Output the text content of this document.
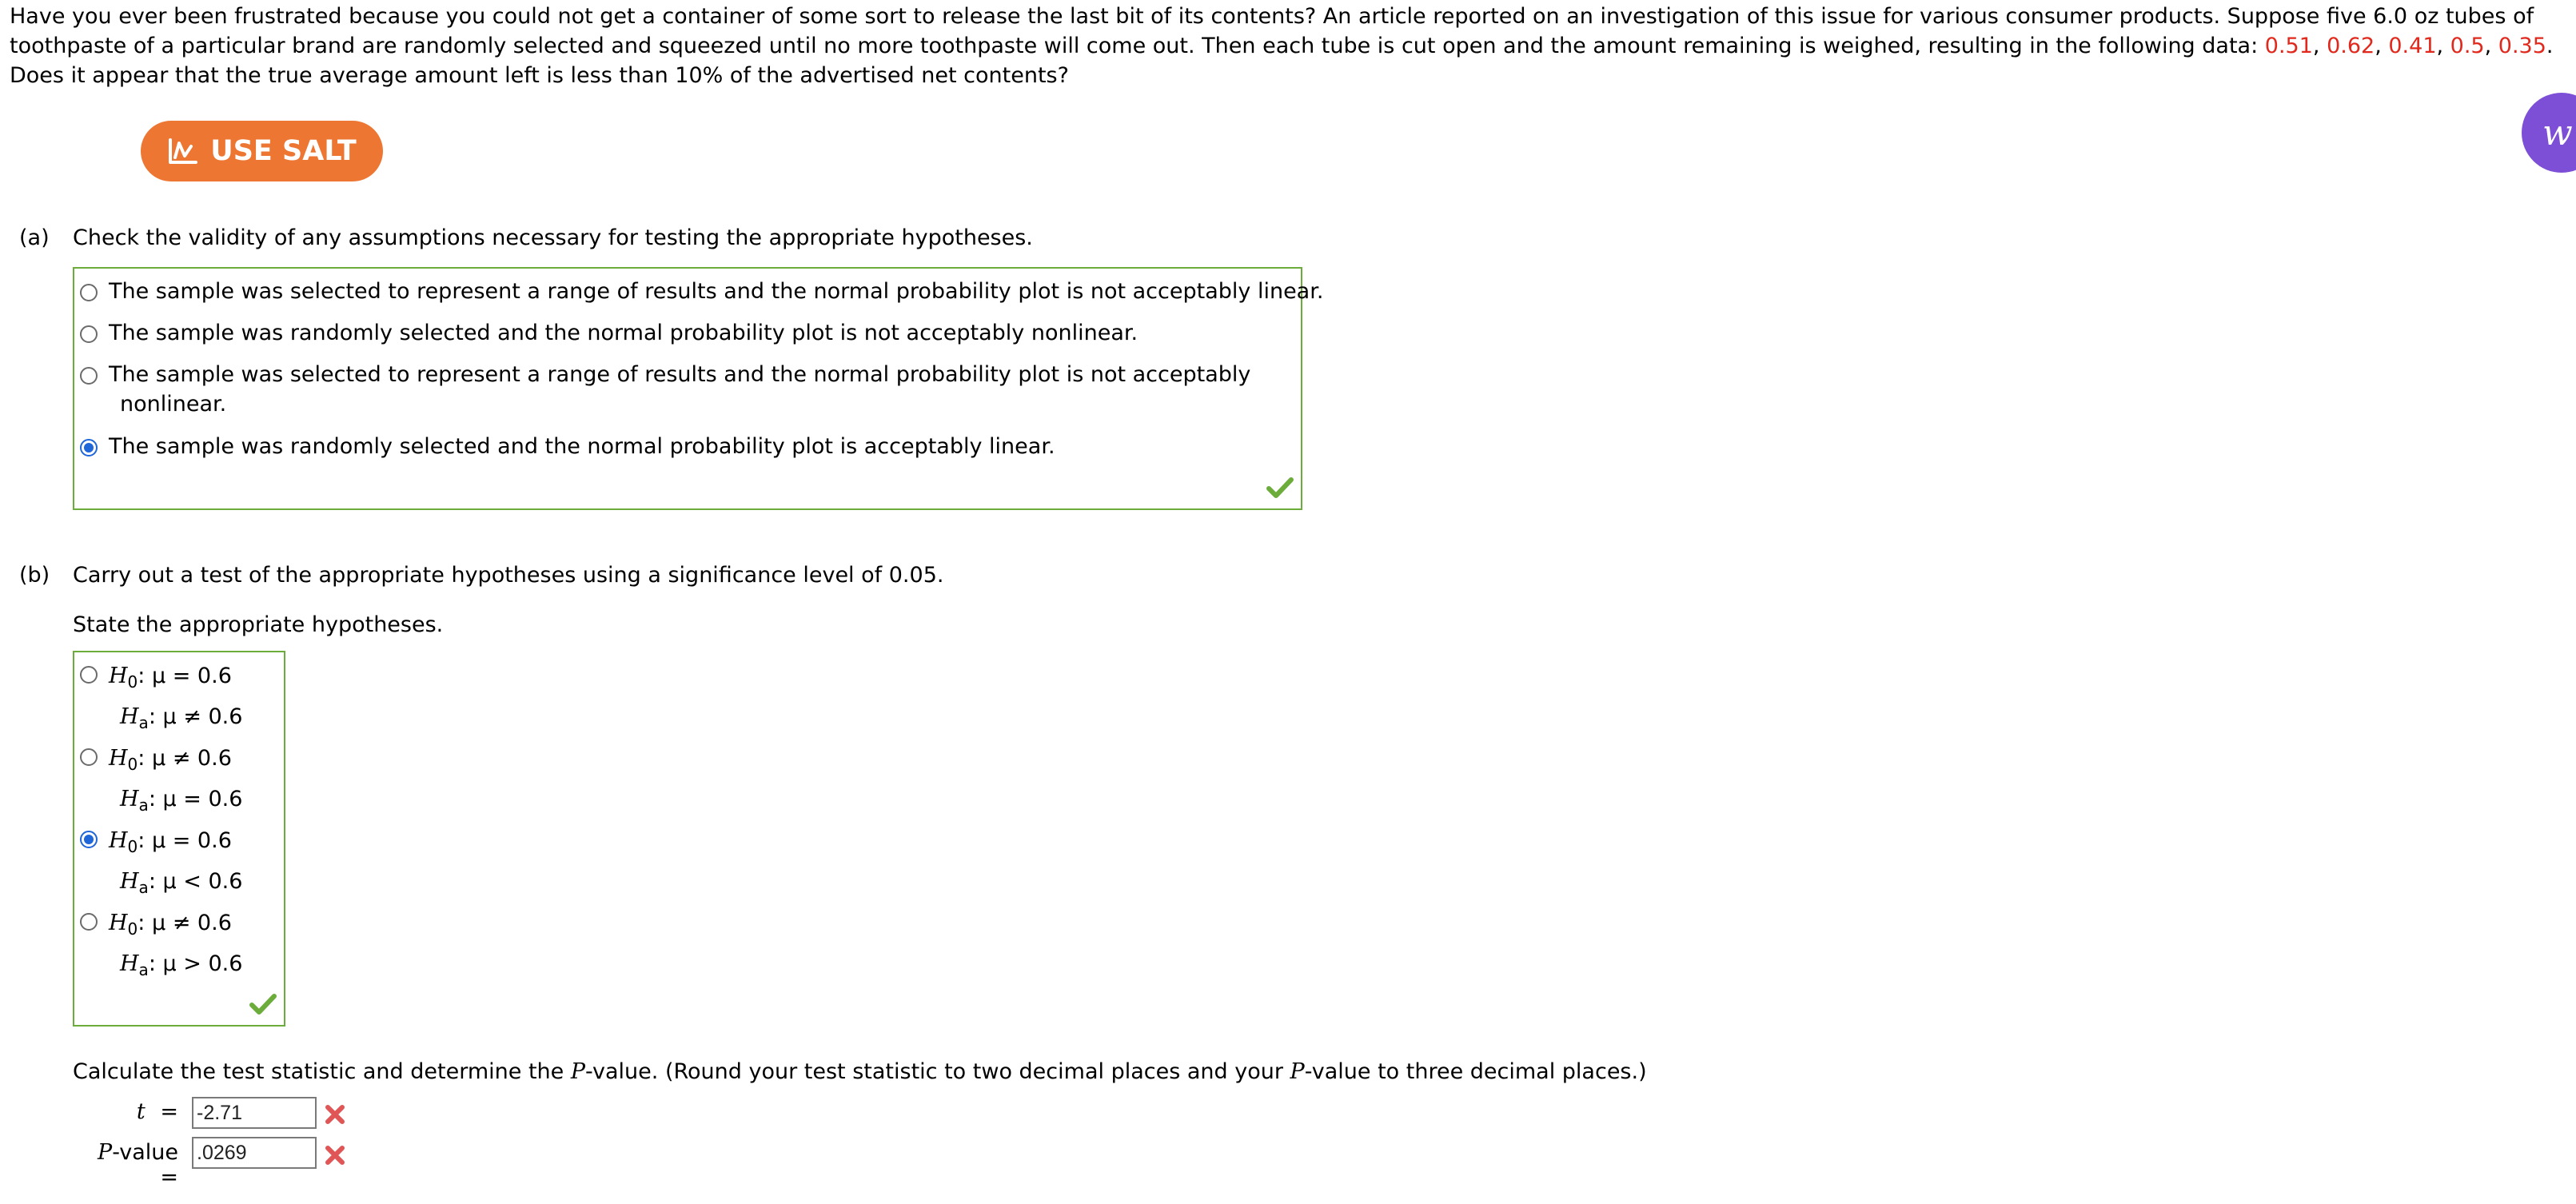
Have you ever been frustrated because you could not get a container of some sort to release the last bit of its contents? An article reported on an investigation of this issue for various consumer products. Suppose five 6.0 oz tubes of toothpaste of a particular brand are randomly selected and squeezed until no more toothpaste will come out. Then each tube is cut open and the amount remaining is weighed, resulting in the following data: 0.51, 0.62, 0.41, 0.5, 0.35. Does it appear that the true average amount left is less than 10% of the advertised net contents?

USE SALT	w
(a) Check the validity of any assumptions necessary for testing the appropriate hypotheses.
The sample was selected to represent a range of results and the normal probability plot is not acceptably linear.
The sample was randomly selected and the normal probability plot is not acceptably nonlinear.
The sample was selected to represent a range of results and the normal probability plot is not acceptably
nonlinear.
The sample was randomly selected and the normal probability plot is acceptably linear.
(b) Carry out a test of the appropriate hypotheses using a significance level of 0.05.
State the appropriate hypotheses.
$H_0$: μ = 0.6
$H_a$: μ ≠ 0.6
$H_0$: μ ≠ 0.6
$H_a$: μ = 0.6
$H_0$: μ = 0.6
$H_a$: μ < 0.6
$H_0$: μ ≠ 0.6
$H_a$: μ > 0.6
Calculate the test statistic and determine the P-value. (Round your test statistic to two decimal places and your P-value to three decimal places.)
t =
-2.71
P-value =
.0269
